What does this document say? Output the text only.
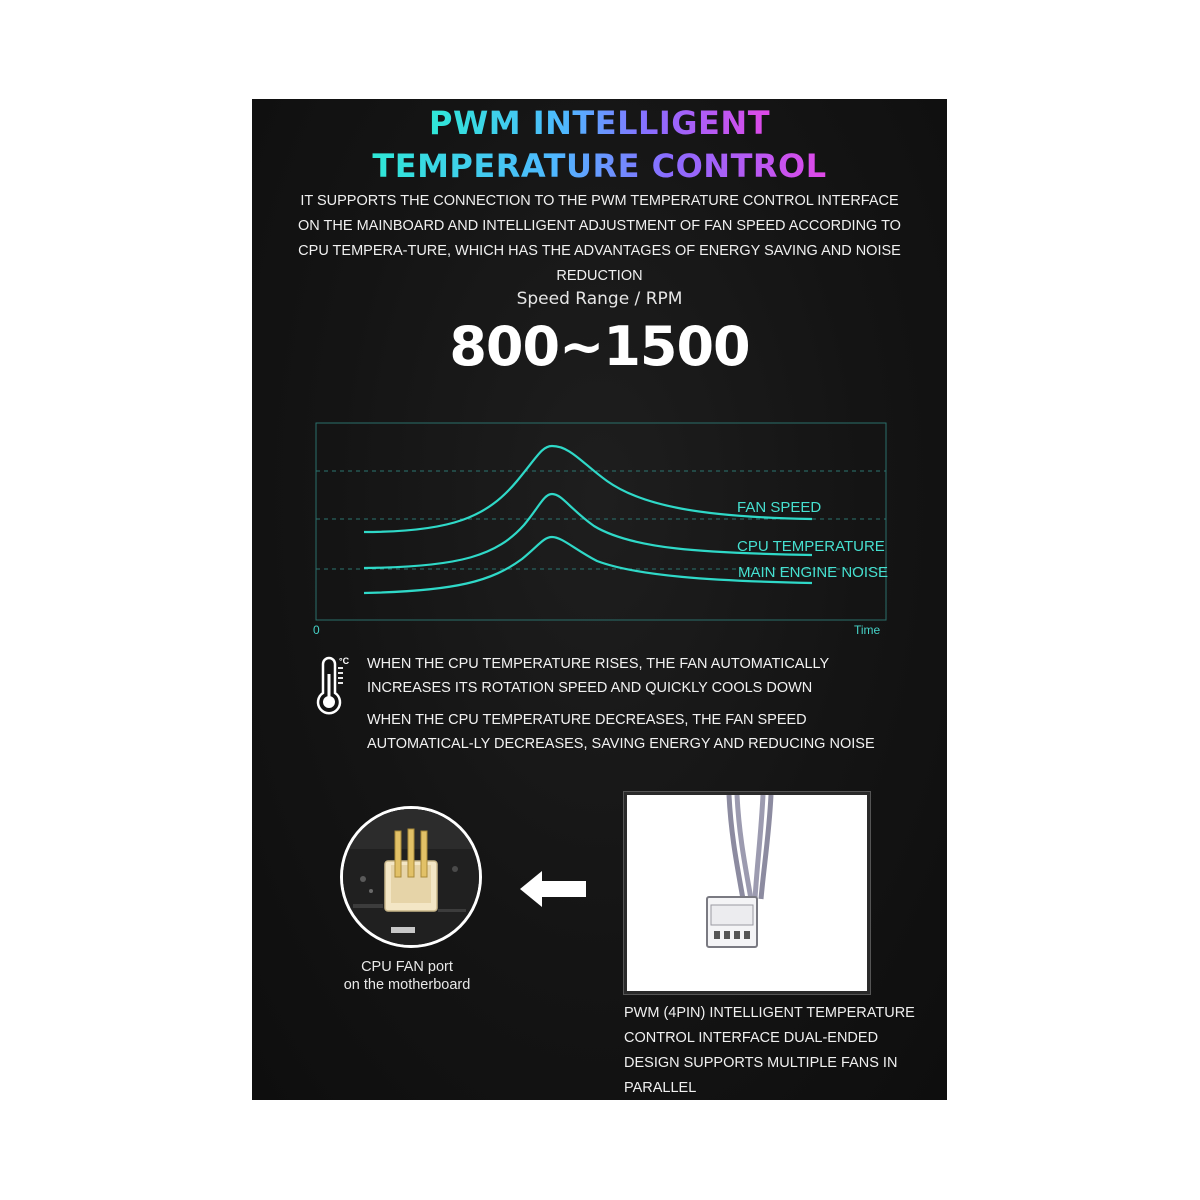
PWM INTELLIGENT
TEMPERATURE CONTROL

IT SUPPORTS THE CONNECTION TO THE PWM TEMPERATURE CONTROL INTERFACE ON THE MAINBOARD AND INTELLIGENT ADJUSTMENT OF FAN SPEED ACCORDING TO CPU TEMPERA-TURE, WHICH HAS THE ADVANTAGES OF ENERGY SAVING AND NOISE REDUCTION

Speed Range / RPM
800~1500
FAN SPEED
CPU TEMPERATURE
MAIN ENGINE NOISE
0	Time
°C WHEN THE CPU TEMPERATURE RISES, THE FAN AUTOMATICALLY INCREASES ITS ROTATION SPEED AND QUICKLY COOLS DOWN

WHEN THE CPU TEMPERATURE DECREASES, THE FAN SPEED AUTOMATICAL-LY DECREASES, SAVING ENERGY AND REDUCING NOISE

CPU FAN port
on the motherboard

PWM (4PIN) INTELLIGENT TEMPERATURE CONTROL INTERFACE DUAL-ENDED DESIGN SUPPORTS MULTIPLE FANS IN PARALLEL
